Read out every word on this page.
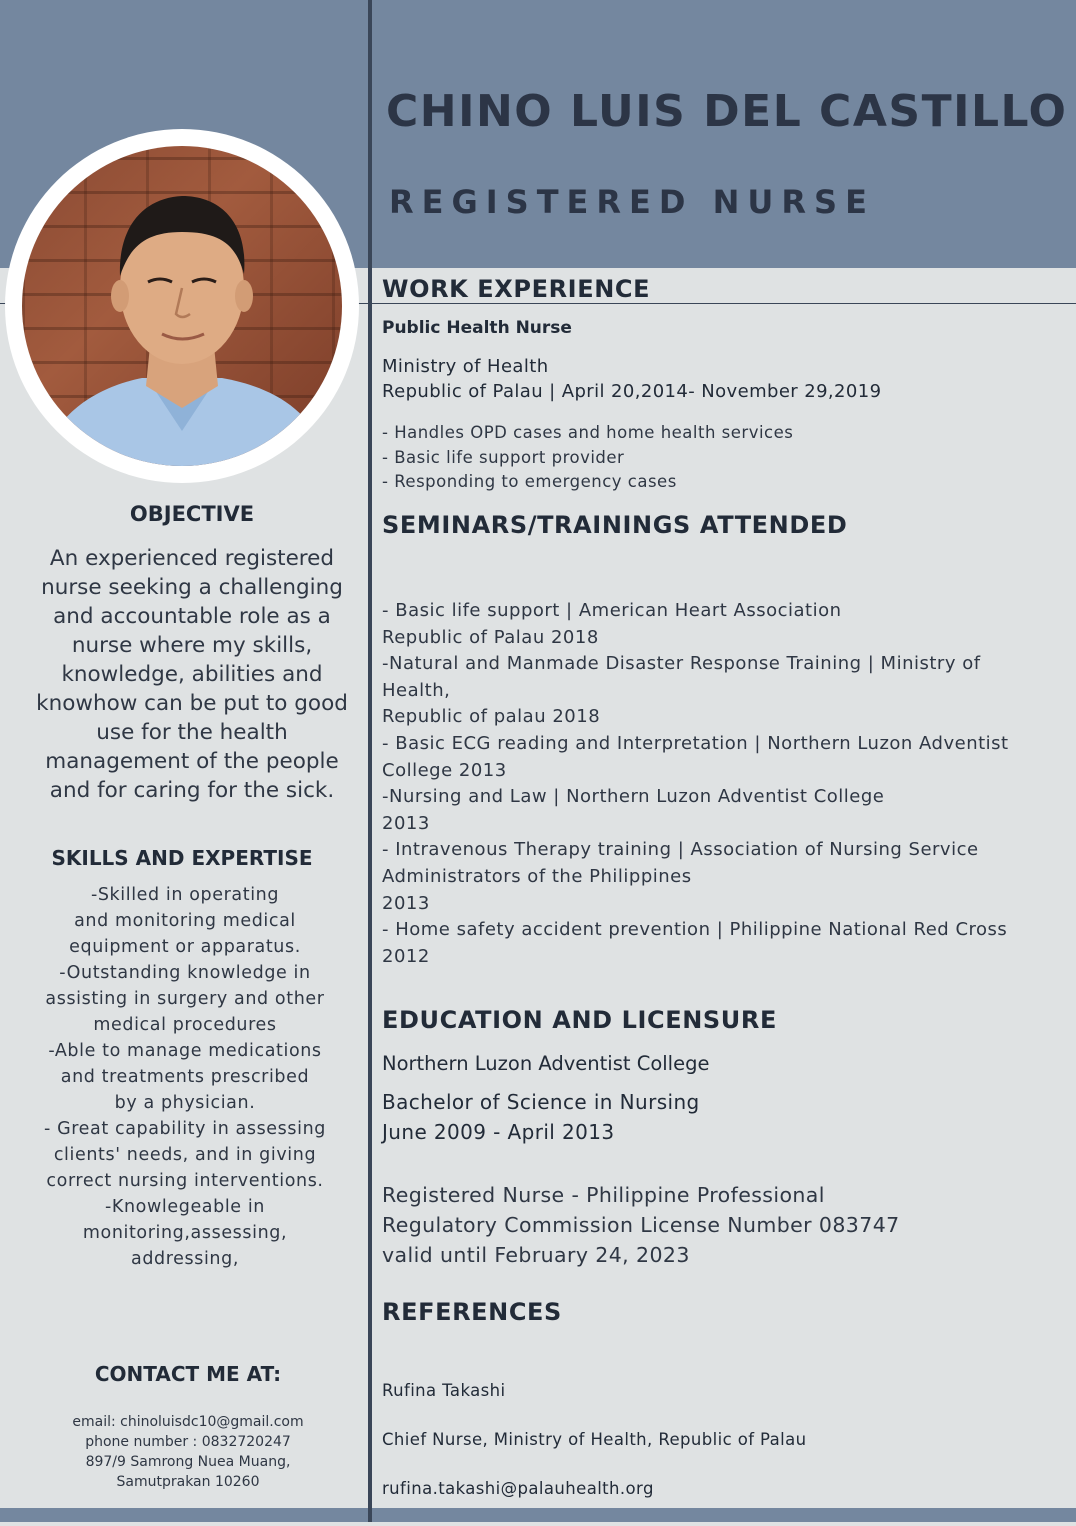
CHINO LUIS DEL CASTILLO
REGISTERED NURSE
OBJECTIVE

An experienced registered nurse seeking a challenging and accountable role as a nurse where my skills, knowledge, abilities and knowhow can be put to good use for the health management of the people and for caring for the sick.

SKILLS AND EXPERTISE

-Skilled in operating
and monitoring medical
equipment or apparatus.
-Outstanding knowledge in
assisting in surgery and other
medical procedures
-Able to manage medications
and treatments prescribed
by a physician.
- Great capability in assessing
clients' needs, and in giving
correct nursing interventions.
-Knowlegeable in
monitoring,assessing,
addressing,

CONTACT ME AT:
email: chinoluisdc10@gmail.com
phone number : 0832720247
897/9 Samrong Nuea Muang,
Samutprakan 10260
WORK EXPERIENCE
Public Health Nurse
Ministry of Health
Republic of Palau | April 20,2014- November 29,2019
- Handles OPD cases and home health services
- Basic life support provider
- Responding to emergency cases
SEMINARS/TRAININGS ATTENDED
- Basic life support | American Heart Association
Republic of Palau 2018
-Natural and Manmade Disaster Response Training | Ministry of
Health,
Republic of palau 2018
- Basic ECG reading and Interpretation | Northern Luzon Adventist
College 2013
-Nursing and Law | Northern Luzon Adventist College
2013
- Intravenous Therapy training | Association of Nursing Service
Administrators of the Philippines
2013
- Home safety accident prevention | Philippine National Red Cross
2012
EDUCATION AND LICENSURE
Northern Luzon Adventist College
Bachelor of Science in Nursing
June 2009 - April 2013
Registered Nurse - Philippine Professional
Regulatory Commission License Number 083747
valid until February 24, 2023
REFERENCES

Rufina Takashi

Chief Nurse, Ministry of Health, Republic of Palau

rufina.takashi@palauhealth.org
